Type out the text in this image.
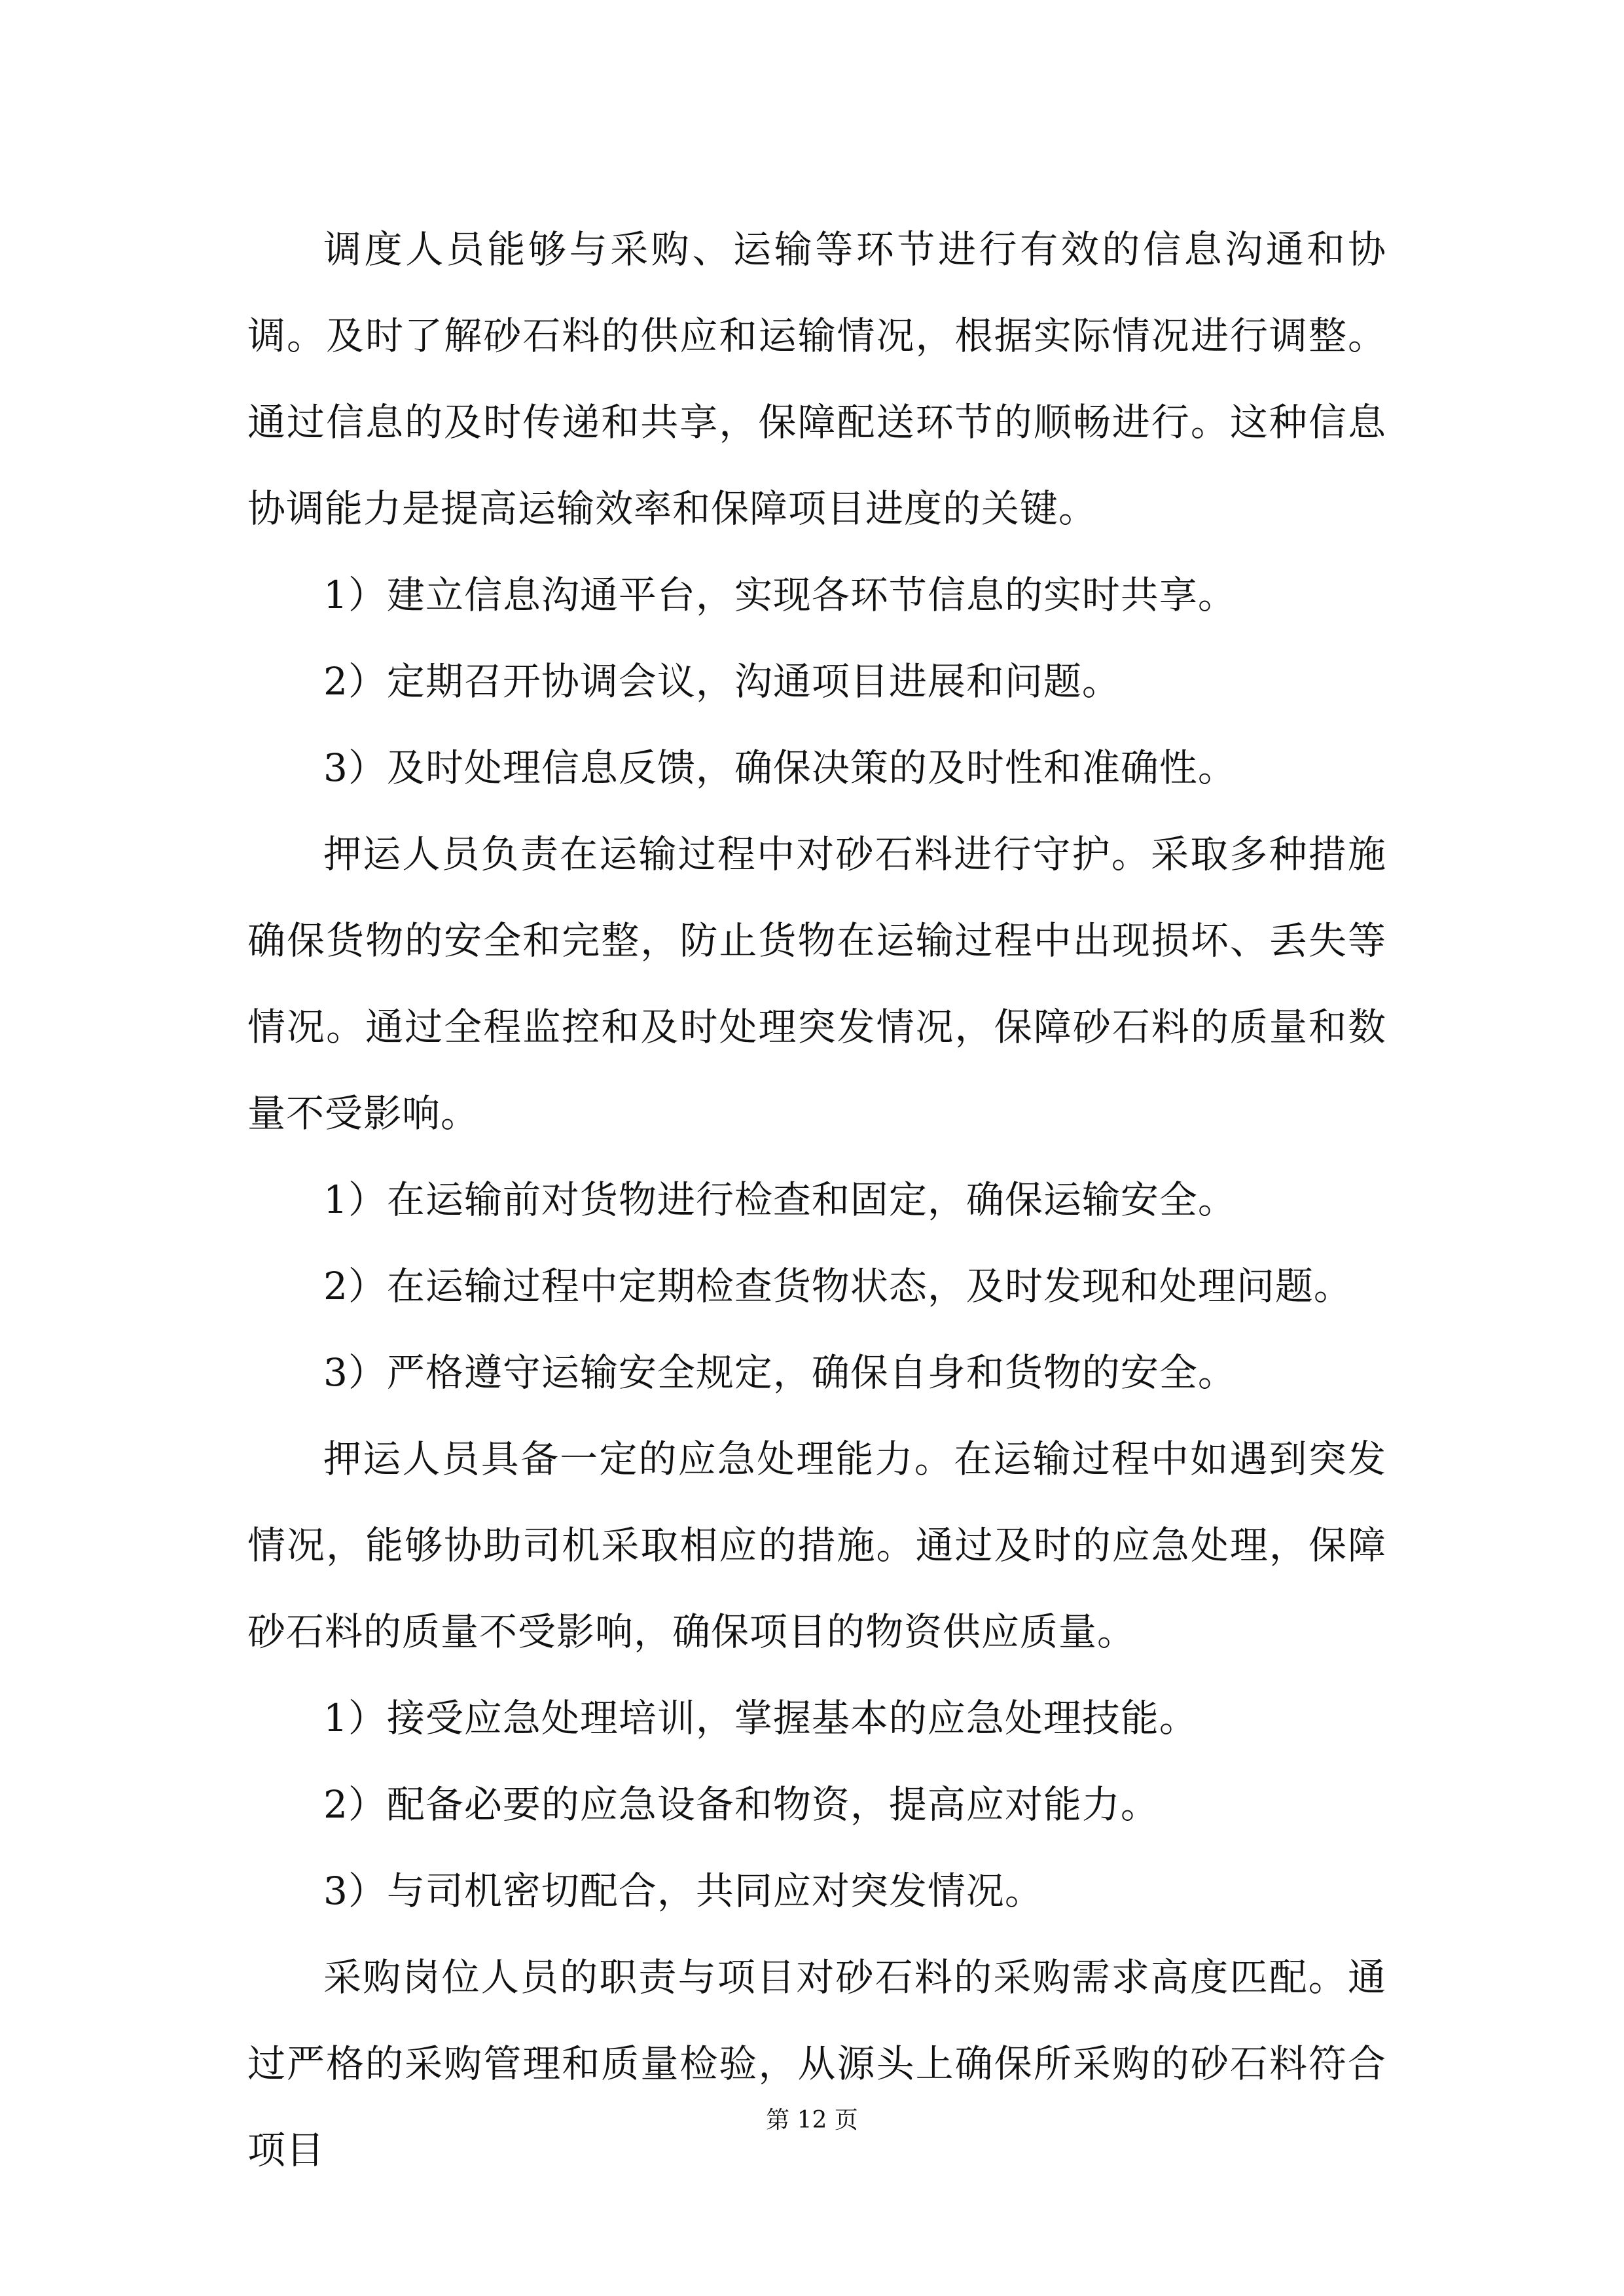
调度人员能够与采购、运输等环节进行有效的信息沟通和协调。及时了解砂石料的供应和运输情况，根据实际情况进行调整。通过信息的及时传递和共享，保障配送环节的顺畅进行。这种信息协调能力是提高运输效率和保障项目进度的关键。

1）建立信息沟通平台，实现各环节信息的实时共享。

2）定期召开协调会议，沟通项目进展和问题。

3）及时处理信息反馈，确保决策的及时性和准确性。

押运人员负责在运输过程中对砂石料进行守护。采取多种措施确保货物的安全和完整，防止货物在运输过程中出现损坏、丢失等情况。通过全程监控和及时处理突发情况，保障砂石料的质量和数量不受影响。

1）在运输前对货物进行检查和固定，确保运输安全。

2）在运输过程中定期检查货物状态，及时发现和处理问题。

3）严格遵守运输安全规定，确保自身和货物的安全。

押运人员具备一定的应急处理能力。在运输过程中如遇到突发情况，能够协助司机采取相应的措施。通过及时的应急处理，保障砂石料的质量不受影响，确保项目的物资供应质量。

1）接受应急处理培训，掌握基本的应急处理技能。

2）配备必要的应急设备和物资，提高应对能力。

3）与司机密切配合，共同应对突发情况。

采购岗位人员的职责与项目对砂石料的采购需求高度匹配。通过严格的采购管理和质量检验，从源头上确保所采购的砂石料符合项目

第 12 页
